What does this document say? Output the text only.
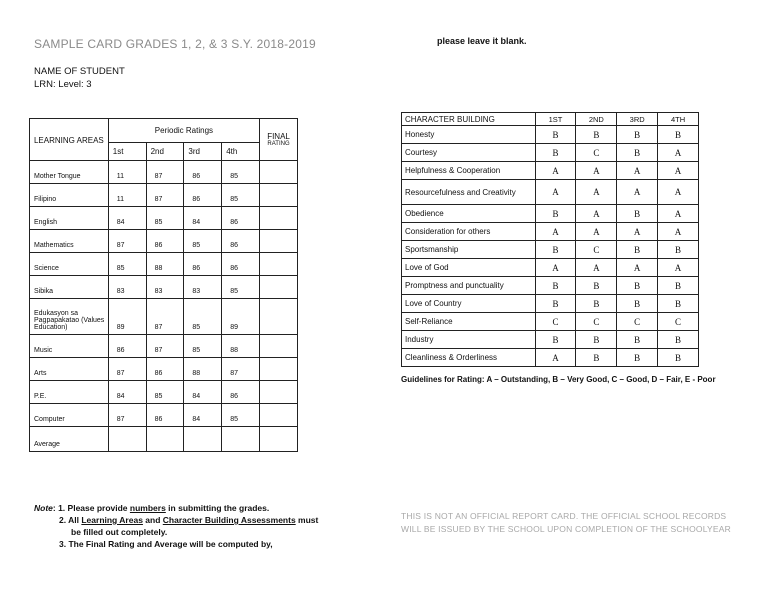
SAMPLE CARD GRADES 1, 2, & 3 S.Y. 2018-2019	please leave it blank.
NAME OF STUDENT
LRN: Level: 3
LEARNING AREAS	Periodic Ratings				FINAL
RATING

	1st	2nd	3rd	4th	
Mother Tongue	11	87	86	85	
Filipino	11	87	86	85	
English	84	85	84	86	
Mathematics	87	86	85	86	
Science	85	88	86	86	
Sibika	83	83	83	85	
Edukasyon sa Pagpapakatao (Values Education)	89	87	85	89	
Music	86	87	85	88	
Arts	87	86	88	87	
P.E.	84	85	84	86	
Computer	87	86	84	85	
Average					
CHARACTER BUILDING	1ST	2ND	3RD	4TH
Honesty	B	B	B	B
Courtesy	B	C	B	A
Helpfulness & Cooperation	A	A	A	A
Resourcefulness and Creativity	A	A	A	A
Obedience	B	A	B	A
Consideration for others	A	A	A	A
Sportsmanship	B	C	B	B
Love of God	A	A	A	A
Promptness and punctuality	B	B	B	B
Love of Country	B	B	B	B
Self-Reliance	C	C	C	C
Industry	B	B	B	B
Cleanliness & Orderliness	A	B	B	B
Guidelines for Rating: A – Outstanding, B – Very Good, C – Good, D – Fair, E - Poor
Note: 1. Please provide numbers in submitting the grades.
2. All Learning Areas and Character Building Assessments must
be filled out completely.
3. The Final Rating and Average will be computed by,
THIS IS NOT AN OFFICIAL REPORT CARD. THE OFFICIAL SCHOOL RECORDS
WILL BE ISSUED BY THE SCHOOL UPON COMPLETION OF THE SCHOOLYEAR
